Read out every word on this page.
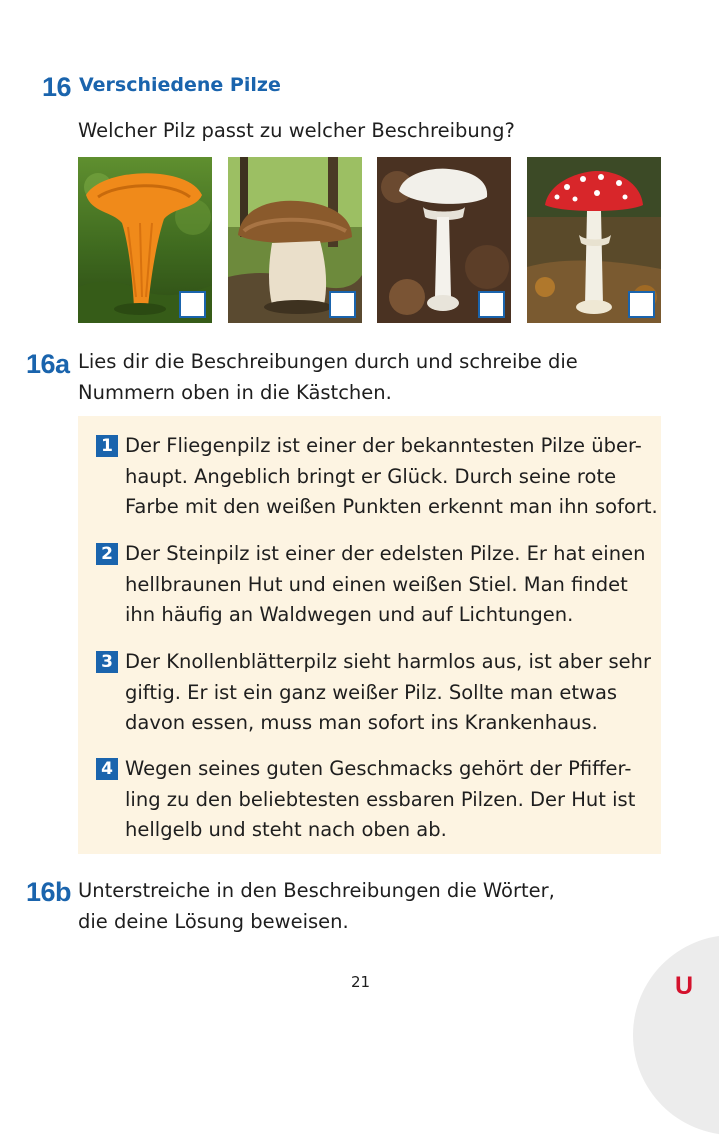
16 Verschiedene Pilze
Welcher Pilz passt zu welcher Beschreibung?
16a Lies dir die Beschreibungen durch und schreibe die
Nummern oben in die Kästchen.
1 Der Fliegenpilz ist einer der bekanntesten Pilze über-
haupt. Angeblich bringt er Glück. Durch seine rote
Farbe mit den weißen Punkten erkennt man ihn sofort.
2 Der Steinpilz ist einer der edelsten Pilze. Er hat einen
hellbraunen Hut und einen weißen Stiel. Man findet
ihn häufig an Waldwegen und auf Lichtungen.
3 Der Knollenblätterpilz sieht harmlos aus, ist aber sehr
giftig. Er ist ein ganz weißer Pilz. Sollte man etwas
davon essen, muss man sofort ins Krankenhaus.
4 Wegen seines guten Geschmacks gehört der Pfiffer-
ling zu den beliebtesten essbaren Pilzen. Der Hut ist
hellgelb und steht nach oben ab.
16b Unterstreiche in den Beschreibungen die Wörter,
die deine Lösung beweisen.
21	U
